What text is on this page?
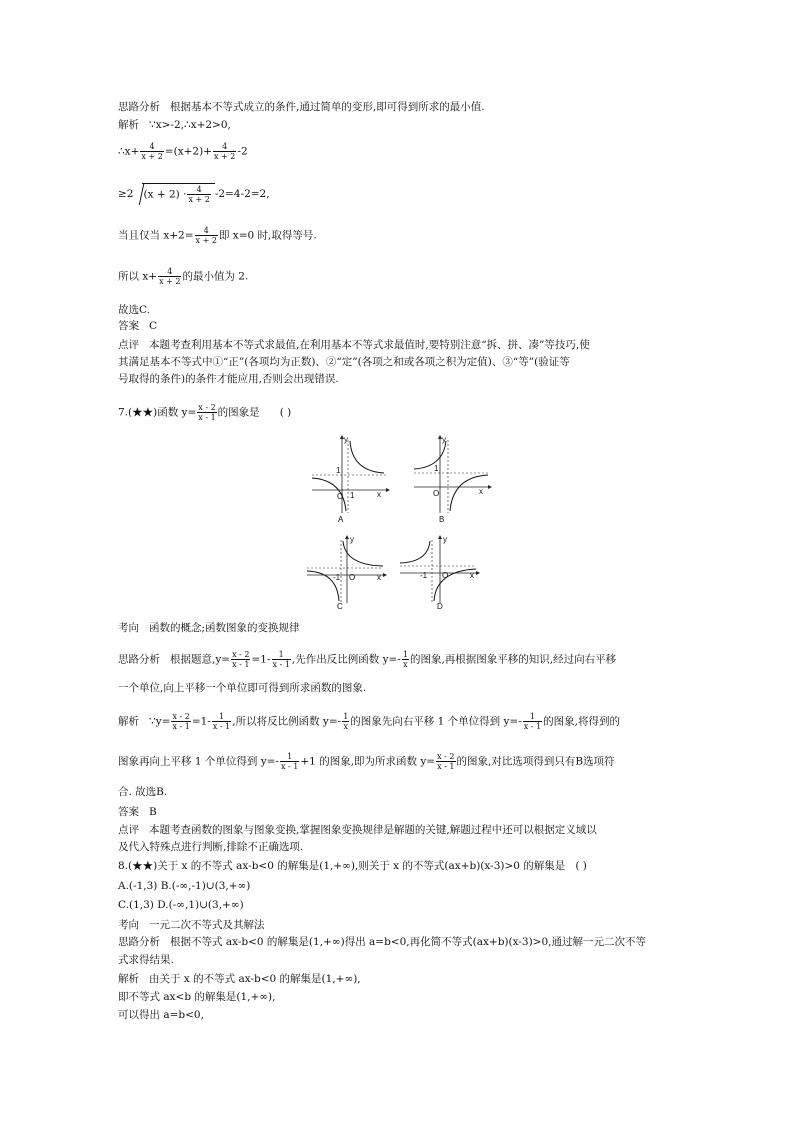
思路分析 根据基本不等式成立的条件,通过简单的变形,即可得到所求的最小值.
解析 ∵x>-2,∴x+2>0,
∴x+ $\frac{4}{x + 2} =(x+2)+ \frac{4}{x + 2} -2$
≥2 $(x + 2) \cdot \frac{4}{x + 2} -2=4-2=2$,
当且仅当 $x+2= \frac{4}{x + 2}$ 即 x=0 时,取得等号.
所以 $x+ \frac{4}{x + 2}$ 的最小值为 2.
故选C.
答案 C
点评 本题考查利用基本不等式求最值,在利用基本不等式求最值时,要特别注意“拆、拼、凑”等技巧,使
其满足基本不等式中①“正”(各项均为正数)、②“定”(各项之和或各项之积为定值)、③“等”(验证等
号取得的条件)的条件才能应用,否则会出现错误.
7.(★★)函数 $y= \frac{x - 2}{x - 1}$ 的图象是 ( )
O	x
y
1
1
A
O	x
y
1
B
-1 O	x
y
C
-1 O	x
y
D
考向 函数的概念;函数图象的变换规律
思路分析 根据题意$,y= \frac{x - 2}{x - 1} =1- \frac{1}{x - 1}$ ,先作出反比例函数 $y=- \frac{1}{x}$ 的图象,再根据图象平移的知识,经过向右平移
一个单位,向上平移一个单位即可得到所求函数的图象.
解析 ∵y= $\frac{x - 2}{x - 1} =1- \frac{1}{x - 1}$ ,所以将反比例函数 $y=- \frac{1}{x}$ 的图象先向右平移 1 个单位得到 $y=- \frac{1}{x - 1}$ 的图象,将得到的
图象再向上平移 1 个单位得到 $y=- \frac{1}{x - 1} +1$ 的图象,即为所求函数 $y= \frac{x - 2}{x - 1}$ 的图象,对比选项得到只有B选项符
合. 故选B.
答案 B
点评 本题考查函数的图象与图象变换,掌握图象变换规律是解题的关键,解题过程中还可以根据定义域以
及代入特殊点进行判断,排除不正确选项.
8.(★★)关于 x 的不等式 ax-b<0 的解集是(1,+∞),则关于 x 的不等式(ax+b)(x-3)>0 的解集是 ( )
A.(-1,3) B.(-∞,-1)∪(3,+∞)
C.(1,3) D.(-∞,1)∪(3,+∞)
考向 一元二次不等式及其解法
思路分析 根据不等式 ax-b<0 的解集是(1,+∞)得出 a=b<0,再化简不等式(ax+b)(x-3)>0,通过解一元二次不等
式求得结果.
解析 由关于 x 的不等式 ax-b<0 的解集是(1,+∞),
即不等式 ax<b 的解集是(1,+∞),
可以得出 a=b<0,
